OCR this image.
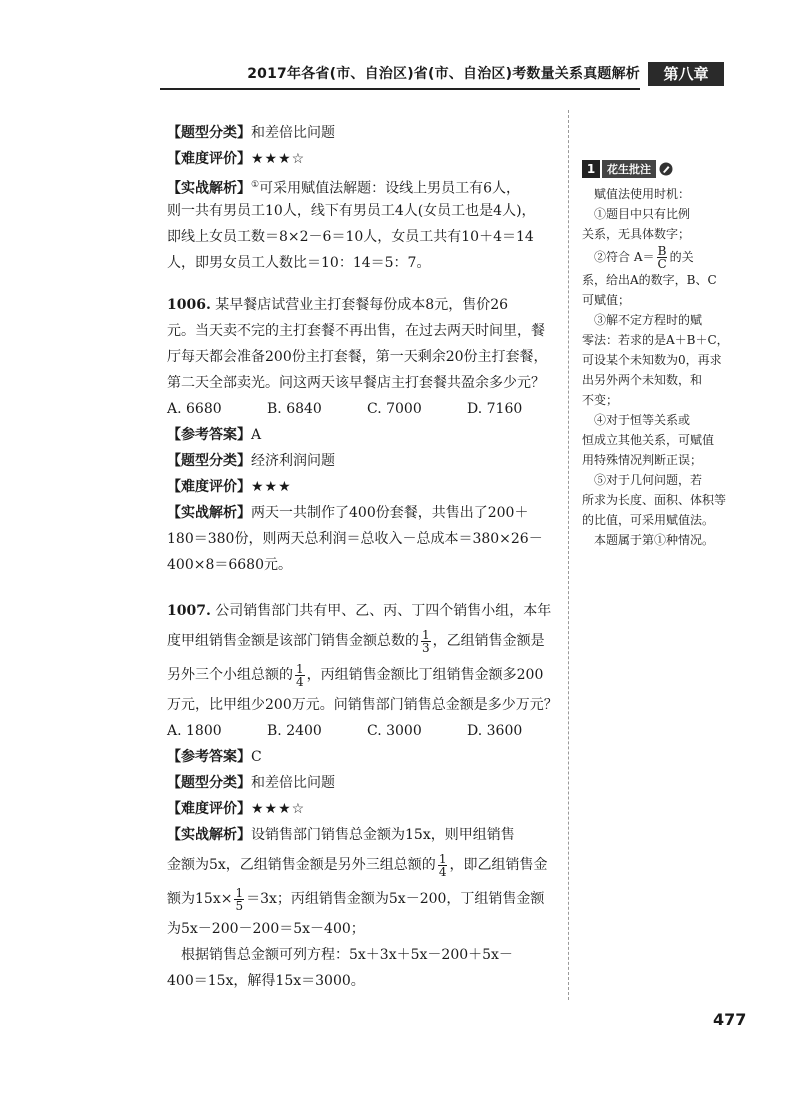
2017年各省(市、自治区)省(市、自治区)考数量关系真题解析	第八章
【题型分类】和差倍比问题
【难度评价】★★★☆
【实战解析】①可采用赋值法解题：设线上男员工有6人，
则一共有男员工10人，线下有男员工4人(女员工也是4人)，
即线上女员工数＝8×2－6＝10人，女员工共有10＋4＝14
人，即男女员工人数比＝10：14＝5：7。
1006. 某早餐店试营业主打套餐每份成本8元，售价26
元。当天卖不完的主打套餐不再出售，在过去两天时间里，餐
厅每天都会准备200份主打套餐，第一天剩余20份主打套餐，
第二天全部卖光。问这两天该早餐店主打套餐共盈余多少元？
A. 6680	B. 6840	C. 7000	D. 7160
【参考答案】A
【题型分类】经济利润问题
【难度评价】★★★
【实战解析】两天一共制作了400份套餐，共售出了200＋
180＝380份，则两天总利润＝总收入－总成本＝380×26－
400×8＝6680元。
1007. 公司销售部门共有甲、乙、丙、丁四个销售小组，本年
度甲组销售金额是该部门销售金额总数的 $\frac{1}{3}$ ，乙组销售金额是
另外三个小组总额的 $\frac{1}{4}$ ，丙组销售金额比丁组销售金额多200
万元，比甲组少200万元。问销售部门销售总金额是多少万元？
A. 1800	B. 2400	C. 3000	D. 3600
【参考答案】C
【题型分类】和差倍比问题
【难度评价】★★★☆
【实战解析】设销售部门销售总金额为15x，则甲组销售
金额为5x，乙组销售金额是另外三组总额的 $\frac{1}{4}$ ，即乙组销售金
额为$15x\times \frac{1}{5} =3x$；丙组销售金额为5x－200，丁组销售金额
为5x－200－200＝5x－400；
根据销售总金额可列方程：5x＋3x＋5x－200＋5x－
400＝15x，解得15x＝3000。
1	花生批注
赋值法使用时机：
①题目中只有比例
关系，无具体数字；
②符合 $A= \frac{B}{C}$ 的关
系，给出A的数字，B、C
可赋值；
③解不定方程时的赋
零法：若求的是A＋B＋C，
可设某个未知数为0，再求
出另外两个未知数，和
不变；
④对于恒等关系或
恒成立其他关系，可赋值
用特殊情况判断正误；
⑤对于几何问题，若
所求为长度、面积、体积等
的比值，可采用赋值法。
本题属于第①种情况。
477
